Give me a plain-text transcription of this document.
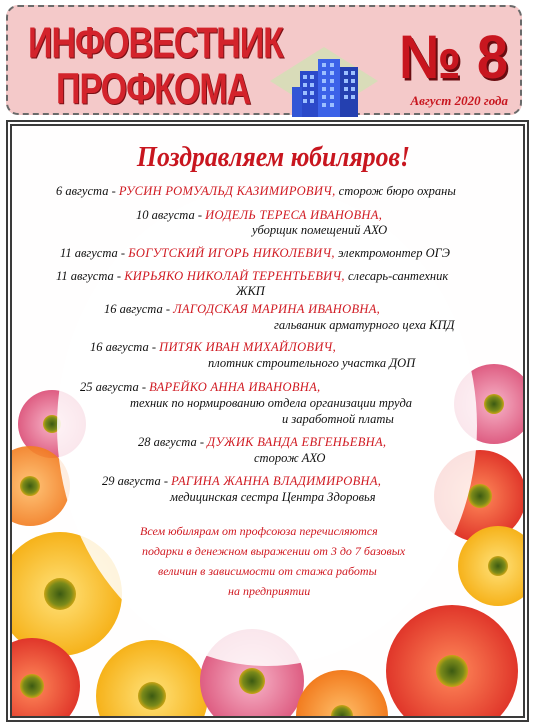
ИНФОВЕСТНИК
ПРОФКОМА	№ 8
Август 2020 года
Поздравляем юбиляров!
6 августа - РУСИН РОМУАЛЬД КАЗИМИРОВИЧ, сторож бюро охраны
10 августа - ИОДЕЛЬ ТЕРЕСА ИВАНОВНА,
уборщик помещений АХО
11 августа - БОГУТСКИЙ ИГОРЬ НИКОЛЕВИЧ, электромонтер ОГЭ
11 августа - КИРЬЯКО НИКОЛАЙ ТЕРЕНТЬЕВИЧ, слесарь-сантехник
ЖКП
16 августа - ЛАГОДСКАЯ МАРИНА ИВАНОВНА,
гальваник арматурного цеха КПД
16 августа - ПИТЯК ИВАН МИХАЙЛОВИЧ,
плотник строительного участка ДОП
25 августа - ВАРЕЙКО АННА ИВАНОВНА,
техник по нормированию отдела организации труда
и заработной платы
28 августа - ДУЖИК ВАНДА ЕВГЕНЬЕВНА,
сторож АХО
29 августа - РАГИНА ЖАННА ВЛАДИМИРОВНА,
медицинская сестра Центра Здоровья
Всем юбилярам от профсоюза перечисляются
подарки в денежном выражении от 3 до 7 базовых
величин в зависимости от стажа работы
на предприятии
